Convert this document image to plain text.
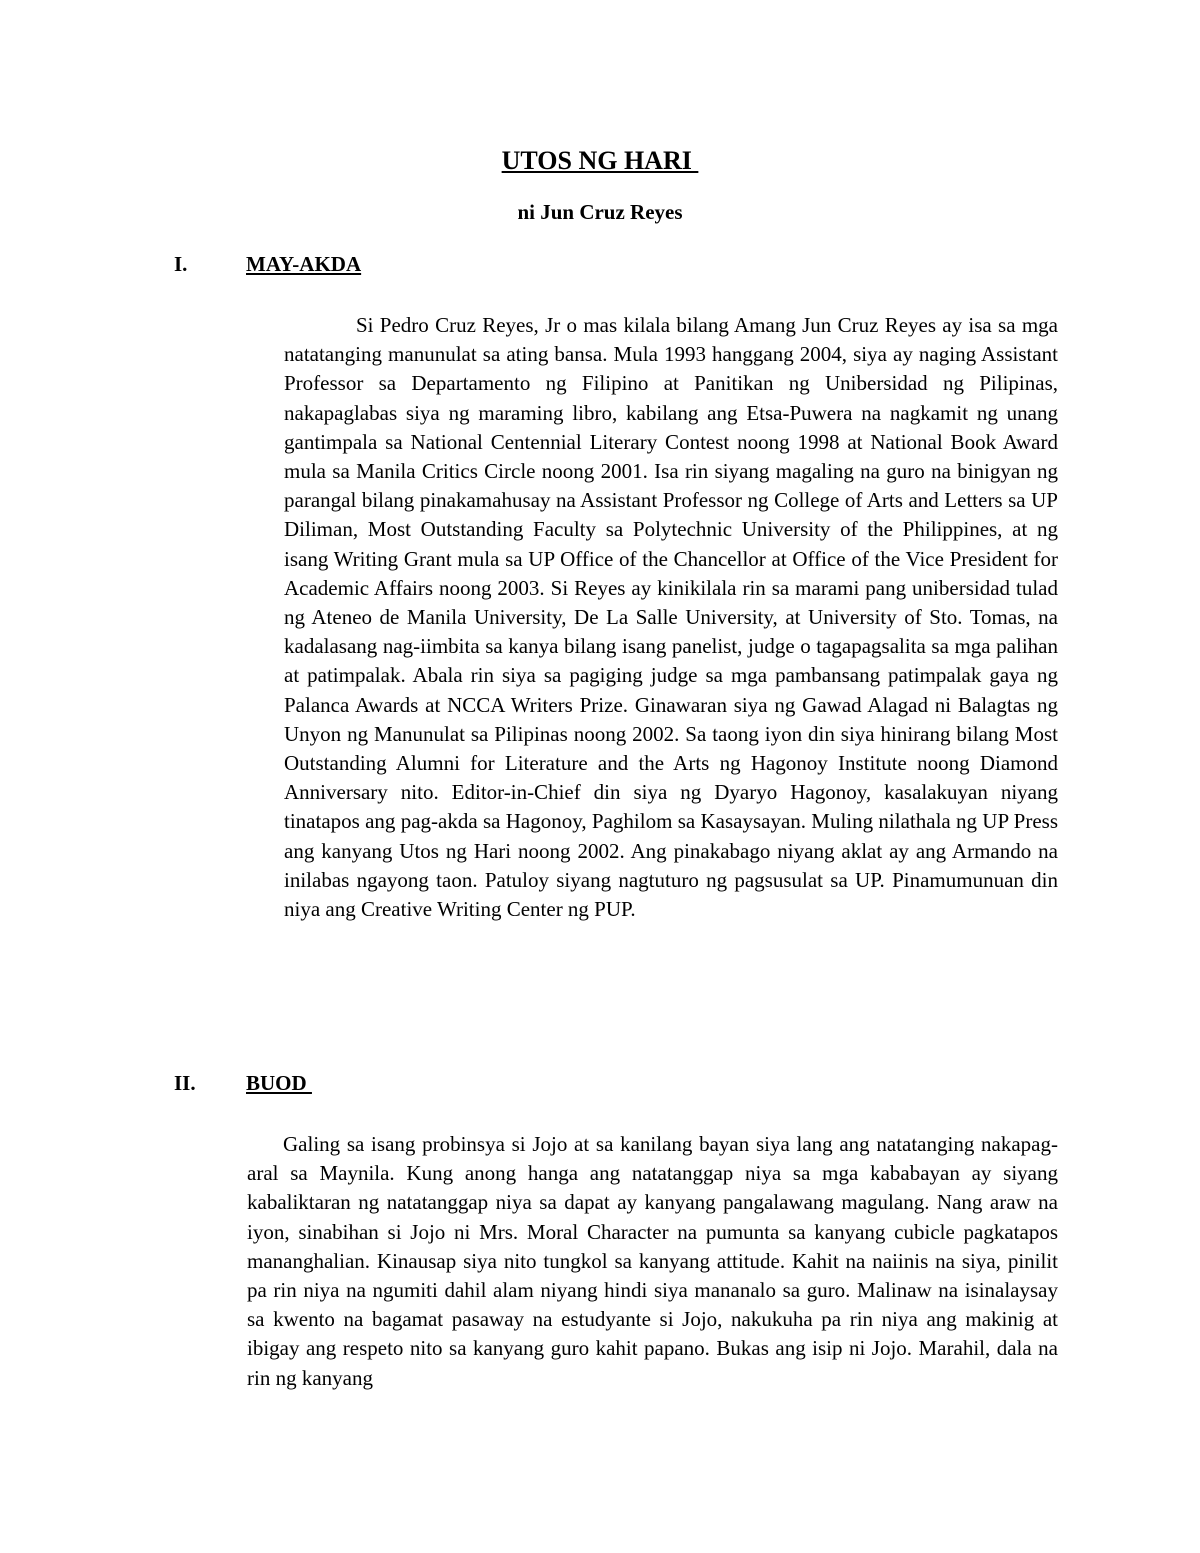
UTOS NG HARI
ni Jun Cruz Reyes
I.	MAY-AKDA

Si Pedro Cruz Reyes, Jr o mas kilala bilang Amang Jun Cruz Reyes ay isa sa mga natatanging manunulat sa ating bansa. Mula 1993 hanggang 2004, siya ay naging Assistant Professor sa Departamento ng Filipino at Panitikan ng Unibersidad ng Pilipinas, nakapaglabas siya ng maraming libro, kabilang ang Etsa-Puwera na nagkamit ng unang gantimpala sa National Centennial Literary Contest noong 1998 at National Book Award mula sa Manila Critics Circle noong 2001. Isa rin siyang magaling na guro na binigyan ng parangal bilang pinakamahusay na Assistant Professor ng College of Arts and Letters sa UP Diliman, Most Outstanding Faculty sa Polytechnic University of the Philippines, at ng isang Writing Grant mula sa UP Office of the Chancellor at Office of the Vice President for Academic Affairs noong 2003. Si Reyes ay kinikilala rin sa marami pang unibersidad tulad ng Ateneo de Manila University, De La Salle University, at University of Sto. Tomas, na kadalasang nag-iimbita sa kanya bilang isang panelist, judge o tagapagsalita sa mga palihan at patimpalak. Abala rin siya sa pagiging judge sa mga pambansang patimpalak gaya ng Palanca Awards at NCCA Writers Prize. Ginawaran siya ng Gawad Alagad ni Balagtas ng Unyon ng Manunulat sa Pilipinas noong 2002. Sa taong iyon din siya hinirang bilang Most Outstanding Alumni for Literature and the Arts ng Hagonoy Institute noong Diamond Anniversary nito. Editor-in-Chief din siya ng Dyaryo Hagonoy, kasalakuyan niyang tinatapos ang pag-akda sa Hagonoy, Paghilom sa Kasaysayan. Muling nilathala ng UP Press ang kanyang Utos ng Hari noong 2002. Ang pinakabago niyang aklat ay ang Armando na inilabas ngayong taon. Patuloy siyang nagtuturo ng pagsusulat sa UP. Pinamumunuan din niya ang Creative Writing Center ng PUP.

II.	BUOD

Galing sa isang probinsya si Jojo at sa kanilang bayan siya lang ang natatanging nakapag-aral sa Maynila. Kung anong hanga ang natatanggap niya sa mga kababayan ay siyang kabaliktaran ng natatanggap niya sa dapat ay kanyang pangalawang magulang. Nang araw na iyon, sinabihan si Jojo ni Mrs. Moral Character na pumunta sa kanyang cubicle pagkatapos mananghalian. Kinausap siya nito tungkol sa kanyang attitude. Kahit na naiinis na siya, pinilit pa rin niya na ngumiti dahil alam niyang hindi siya mananalo sa guro. Malinaw na isinalaysay sa kwento na bagamat pasaway na estudyante si Jojo, nakukuha pa rin niya ang makinig at ibigay ang respeto nito sa kanyang guro kahit papano. Bukas ang isip ni Jojo. Marahil, dala na rin ng kanyang
